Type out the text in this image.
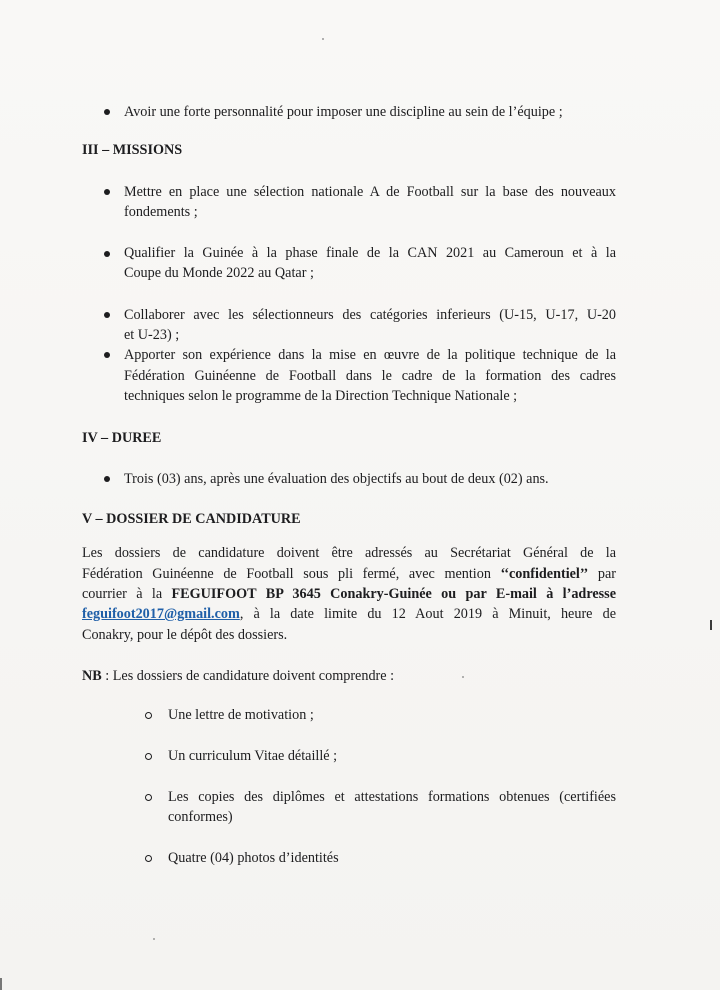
Avoir une forte personnalité pour imposer une discipline au sein de l’équipe ;
III – MISSIONS
Mettre en place une sélection nationale A de Football sur la base des nouveaux
fondements ;
Qualifier la Guinée à la phase finale de la CAN 2021 au Cameroun et à la
Coupe du Monde 2022 au Qatar ;
Collaborer avec les sélectionneurs des catégories inferieurs (U-15, U-17, U-20
et U-23) ;
Apporter son expérience dans la mise en œuvre de la politique technique de la
Fédération Guinéenne de Football dans le cadre de la formation des cadres
techniques selon le programme de la Direction Technique Nationale ;
IV – DUREE
Trois (03) ans, après une évaluation des objectifs au bout de deux (02) ans.
V – DOSSIER DE CANDIDATURE
Les dossiers de candidature doivent être adressés au Secrétariat Général de la
Fédération Guinéenne de Football sous pli fermé, avec mention ‘‘confidentiel’’ par
courrier à la FEGUIFOOT BP 3645 Conakry-Guinée ou par E-mail à l’adresse
feguifoot2017@gmail.com, à la date limite du 12 Aout 2019 à Minuit, heure de
Conakry, pour le dépôt des dossiers.
NB : Les dossiers de candidature doivent comprendre :
Une lettre de motivation ;
Un curriculum Vitae détaillé ;
Les copies des diplômes et attestations formations obtenues (certifiées
conformes)
Quatre (04) photos d’identités
